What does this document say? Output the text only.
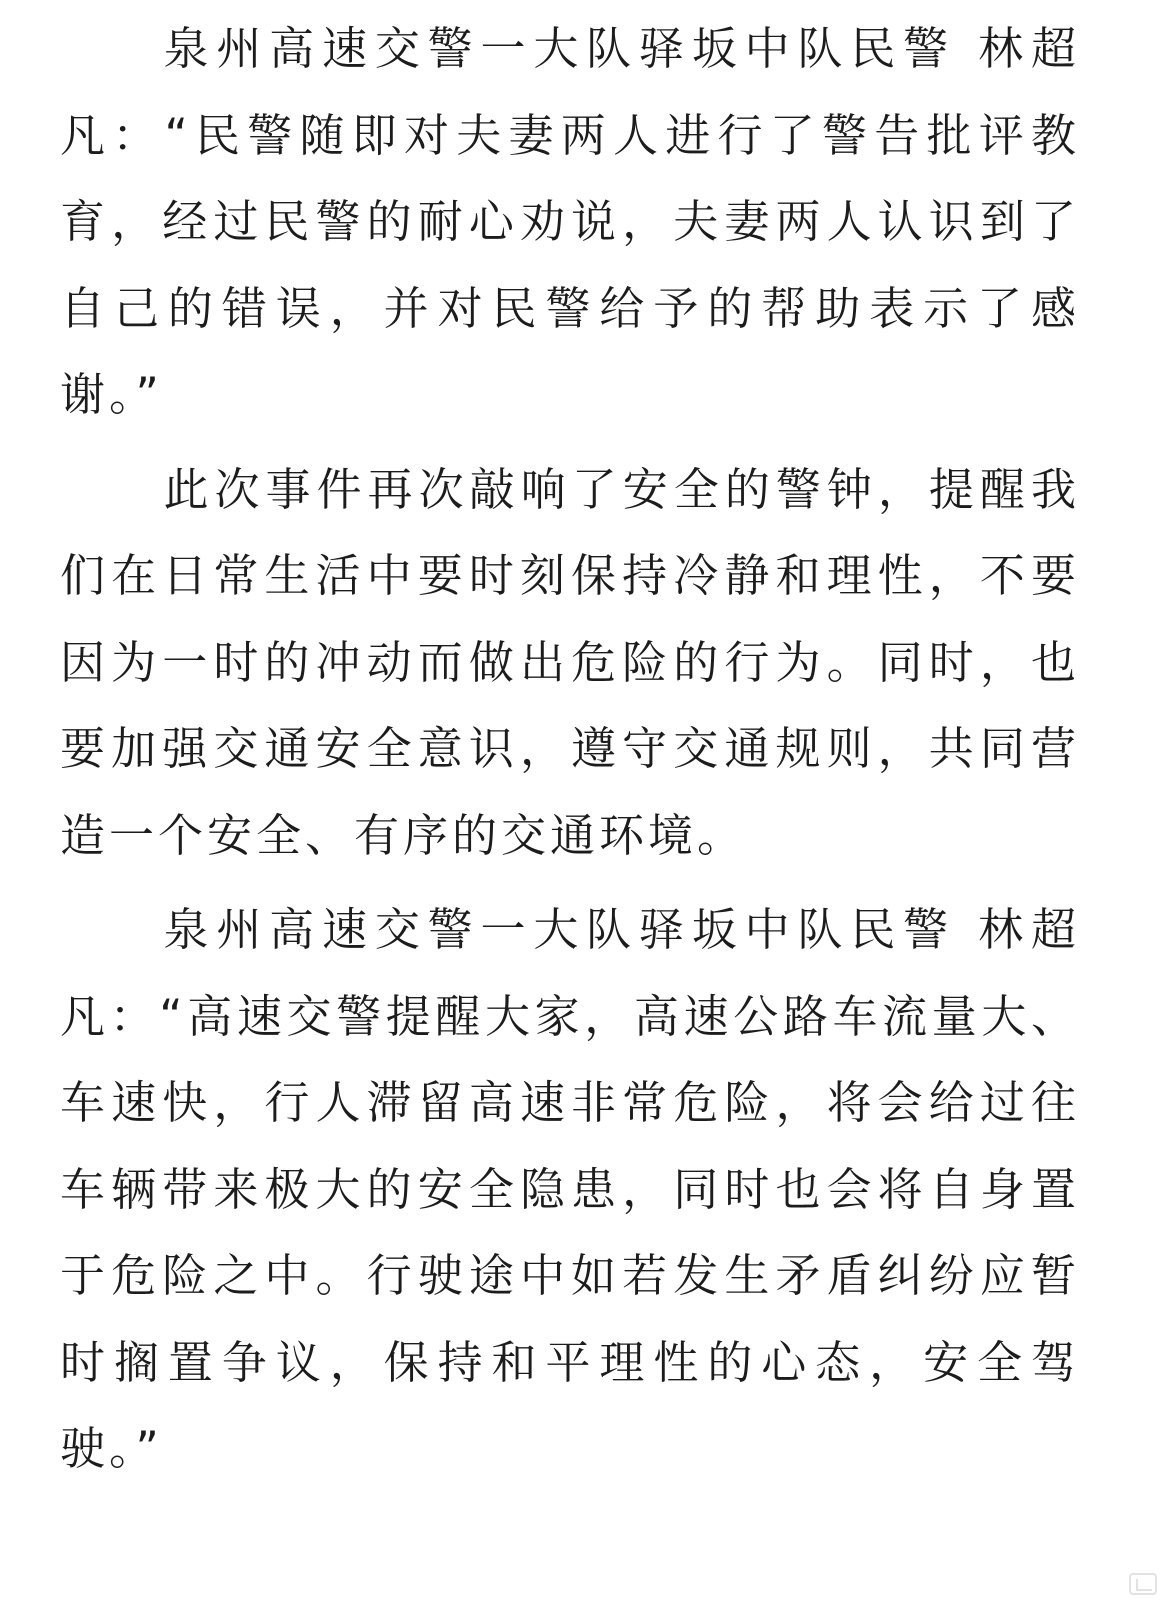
泉州高速交警一大队驿坂中队民警 林超凡：“民警随即对夫妻两人进行了警告批评教育，经过民警的耐心劝说，夫妻两人认识到了自己的错误，并对民警给予的帮助表示了感谢。”

此次事件再次敲响了安全的警钟，提醒我们在日常生活中要时刻保持冷静和理性，不要因为一时的冲动而做出危险的行为。同时，也要加强交通安全意识，遵守交通规则，共同营造一个安全、有序的交通环境。

泉州高速交警一大队驿坂中队民警 林超凡：“高速交警提醒大家，高速公路车流量大、车速快，行人滞留高速非常危险，将会给过往车辆带来极大的安全隐患，同时也会将自身置于危险之中。行驶途中如若发生矛盾纠纷应暂时搁置争议，保持和平理性的心态，安全驾驶。”
